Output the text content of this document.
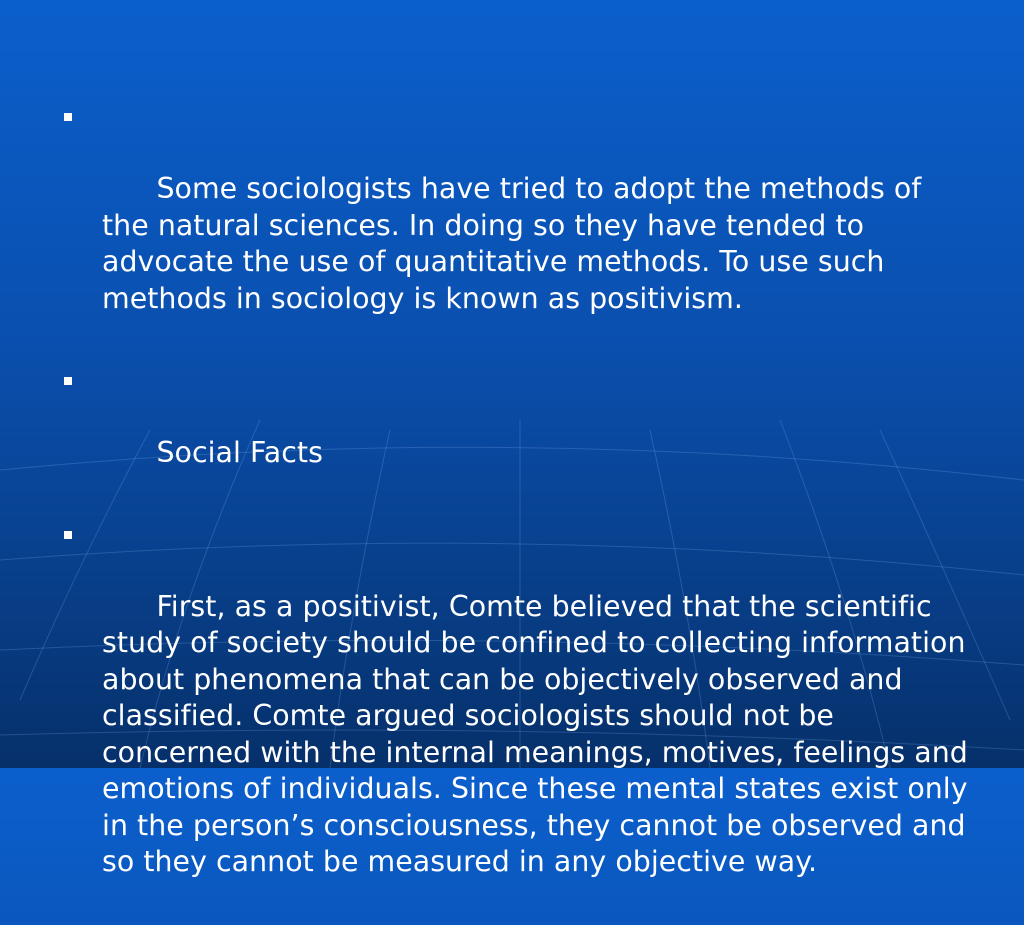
Some sociologists have tried to adopt the methods of the natural sciences. In doing so they have tended to advocate the use of quantitative methods. To use such methods in sociology is known as positivism.

Social Facts

First, as a positivist, Comte believed that the scientific   study of society should be confined to collecting information about phenomena that can be objectively observed and classified. Comte argued sociologists should not be concerned with the internal meanings, motives, feelings and emotions of individuals. Since these mental states exist only in the person’s consciousness, they cannot be observed and so they cannot be measured in any objective way.
